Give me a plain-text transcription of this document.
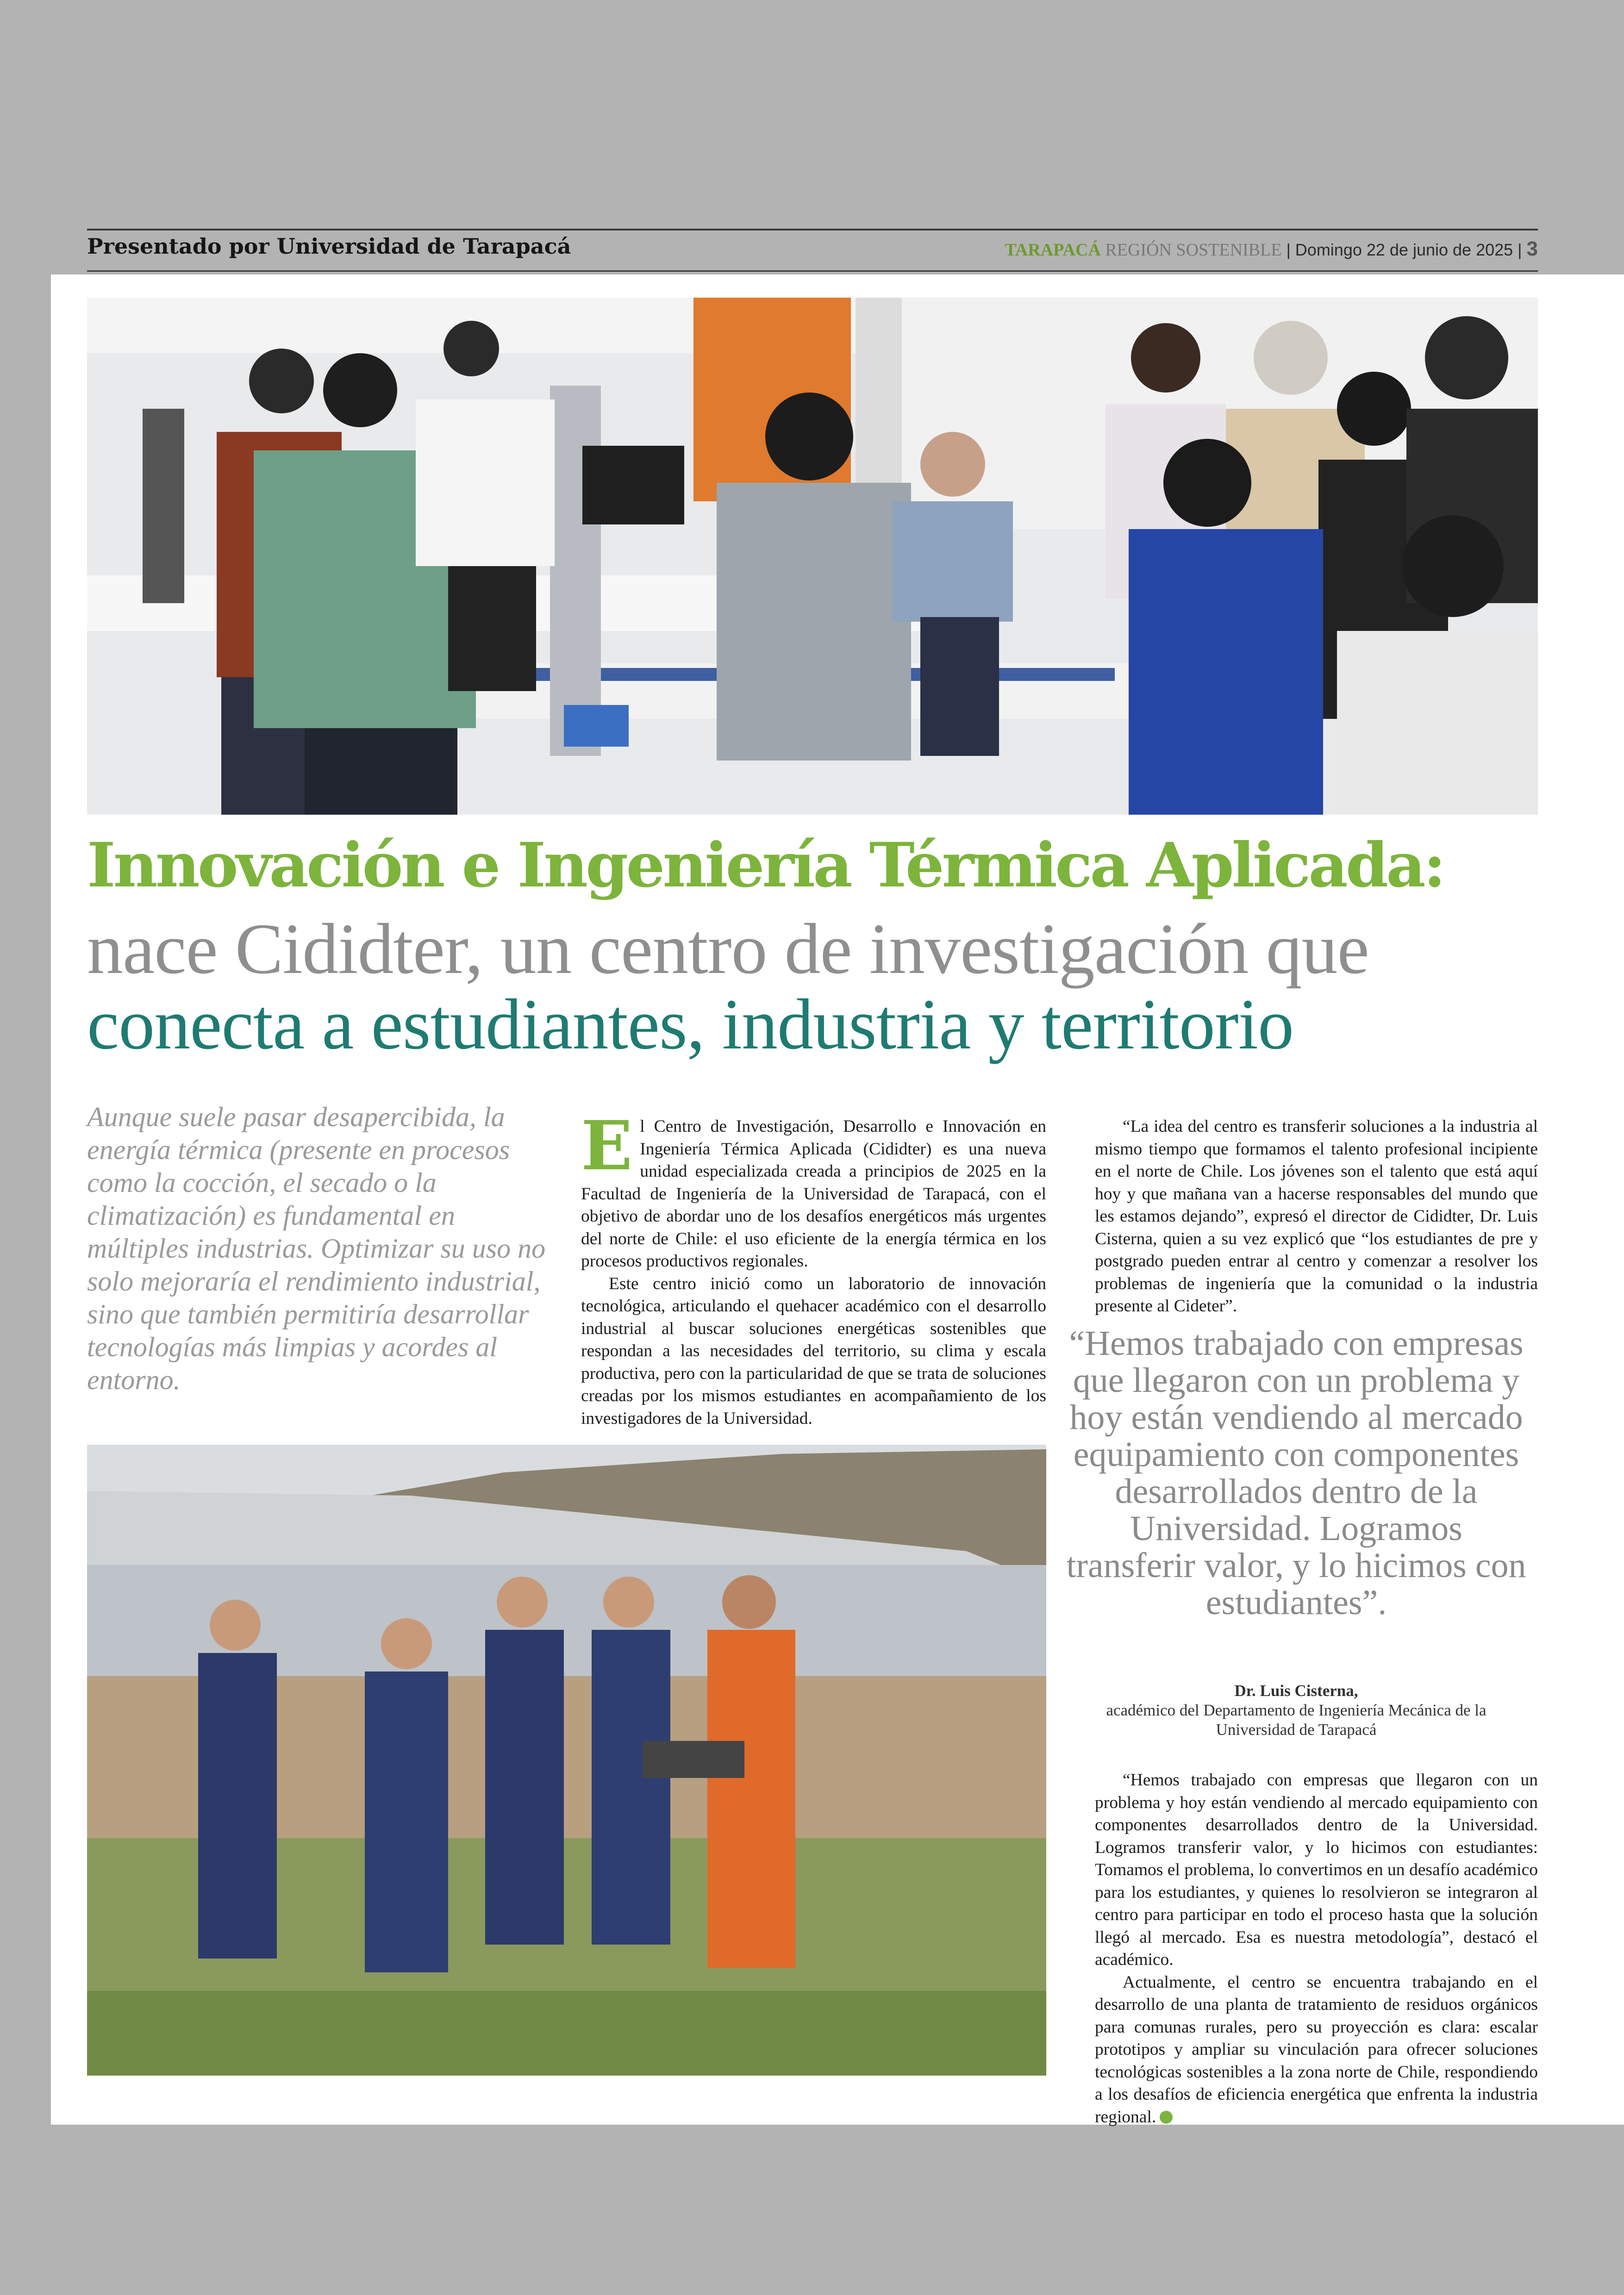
Presentado por Universidad de Tarapacá	TARAPACÁ REGIÓN SOSTENIBLE | Domingo 22 de junio de 2025 | 3
Innovación e Ingeniería Térmica Aplicada:
nace Cididter, un centro de investigación que
conecta a estudiantes, industria y territorio

Aunque suele pasar desapercibida, la energía térmica (presente en procesos como la cocción, el secado o la climatización) es fundamental en múltiples industrias. Optimizar su uso no solo mejoraría el rendimiento industrial, sino que también permitiría desarrollar tecnologías más limpias y acordes al entorno.

El Centro de Investigación, Desarrollo e Innovación en Ingeniería Térmica Aplicada (Cididter) es una nueva unidad especializada creada a principios de 2025 en la Facultad de Ingeniería de la Universidad de Tarapacá, con el objetivo de abordar uno de los desafíos energéticos más urgentes del norte de Chile: el uso eficiente de la energía térmica en los procesos productivos regionales.

Este centro inició como un laboratorio de innovación tecnológica, articulando el quehacer académico con el desarrollo industrial al buscar soluciones energéticas sostenibles que respondan a las necesidades del territorio, su clima y escala productiva, pero con la particularidad de que se trata de soluciones creadas por los mismos estudiantes en acompañamiento de los investigadores de la Universidad.

“La idea del centro es transferir soluciones a la industria al mismo tiempo que formamos el talento profesional incipiente en el norte de Chile. Los jóvenes son el talento que está aquí hoy y que mañana van a hacerse responsables del mundo que les estamos dejando”, expresó el director de Cididter, Dr. Luis Cisterna, quien a su vez explicó que “los estudiantes de pre y postgrado pueden entrar al centro y comenzar a resolver los problemas de ingeniería que la comunidad o la industria presente al Cideter”.

“Hemos trabajado con empresas que llegaron con un problema y hoy están vendiendo al mercado equipamiento con componentes desarrollados dentro de la Universidad. Logramos transferir valor, y lo hicimos con estudiantes”.

Dr. Luis Cisterna,
académico del Departamento de Ingeniería Mecánica de la Universidad de Tarapacá

“Hemos trabajado con empresas que llegaron con un problema y hoy están vendiendo al mercado equipamiento con componentes desarrollados dentro de la Universidad. Logramos transferir valor, y lo hicimos con estudiantes: Tomamos el problema, lo convertimos en un desafío académico para los estudiantes, y quienes lo resolvieron se integraron al centro para participar en todo el proceso hasta que la solución llegó al mercado. Esa es nuestra metodología”, destacó el académico.

Actualmente, el centro se encuentra trabajando en el desarrollo de una planta de tratamiento de residuos orgánicos para comunas rurales, pero su proyección es clara: escalar prototipos y ampliar su vinculación para ofrecer soluciones tecnológicas sostenibles a la zona norte de Chile, respondiendo a los desafíos de eficiencia energética que enfrenta la industria regional.
